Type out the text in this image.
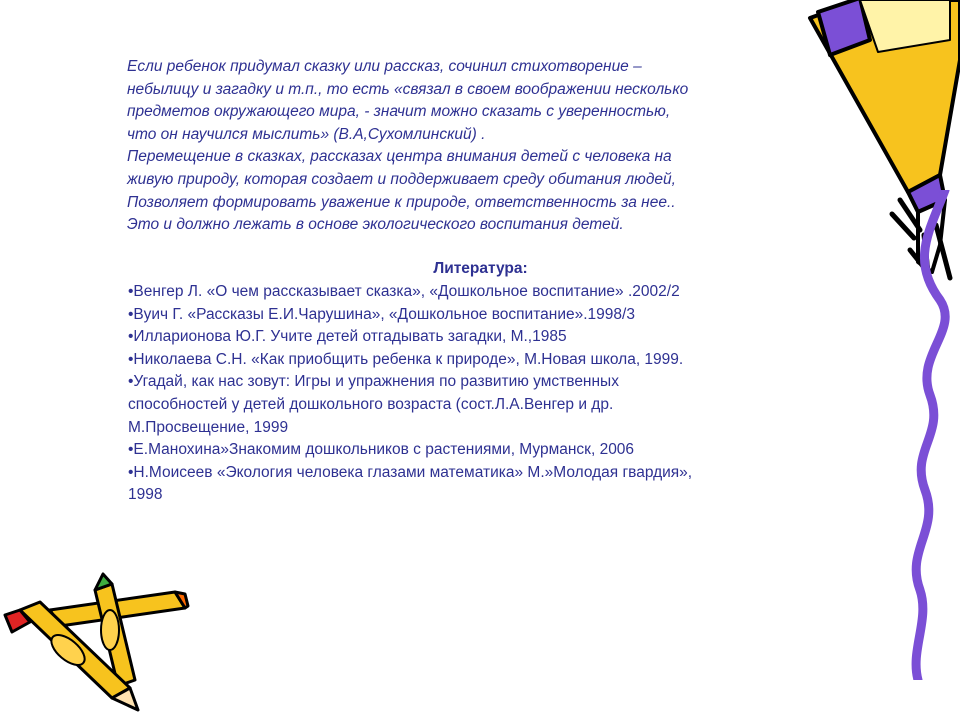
Если ребенок придумал сказку или рассказ, сочинил стихотворение –
небылицу и загадку и т.п., то есть «связал в своем воображении несколько
предметов окружающего мира, - значит можно сказать с уверенностью,
что он научился мыслить» (В.А,Сухомлинский) .
Перемещение в сказках, рассказах центра внимания детей с человека на
живую природу, которая создает и поддерживает среду обитания людей,
Позволяет формировать уважение к природе, ответственность за нее..
Это и должно лежать в основе экологического воспитания детей.

Литература:
•Венгер Л. «О чем рассказывает сказка», «Дошкольное воспитание» .2002/2
•Вуич Г. «Рассказы Е.И.Чарушина», «Дошкольное воспитание».1998/3
•Илларионова Ю.Г. Учите детей отгадывать загадки, М.,1985
•Николаева С.Н. «Как приобщить ребенка к природе», М.Новая школа, 1999.
•Угадай, как нас зовут: Игры и упражнения по развитию умственных
способностей у детей дошкольного возраста (сост.Л.А.Венгер и др.
М.Просвещение, 1999
•Е.Манохина»Знакомим дошкольников с растениями, Мурманск, 2006
•Н.Моисеев «Экология человека глазами математика» М.»Молодая гвардия»,
1998
